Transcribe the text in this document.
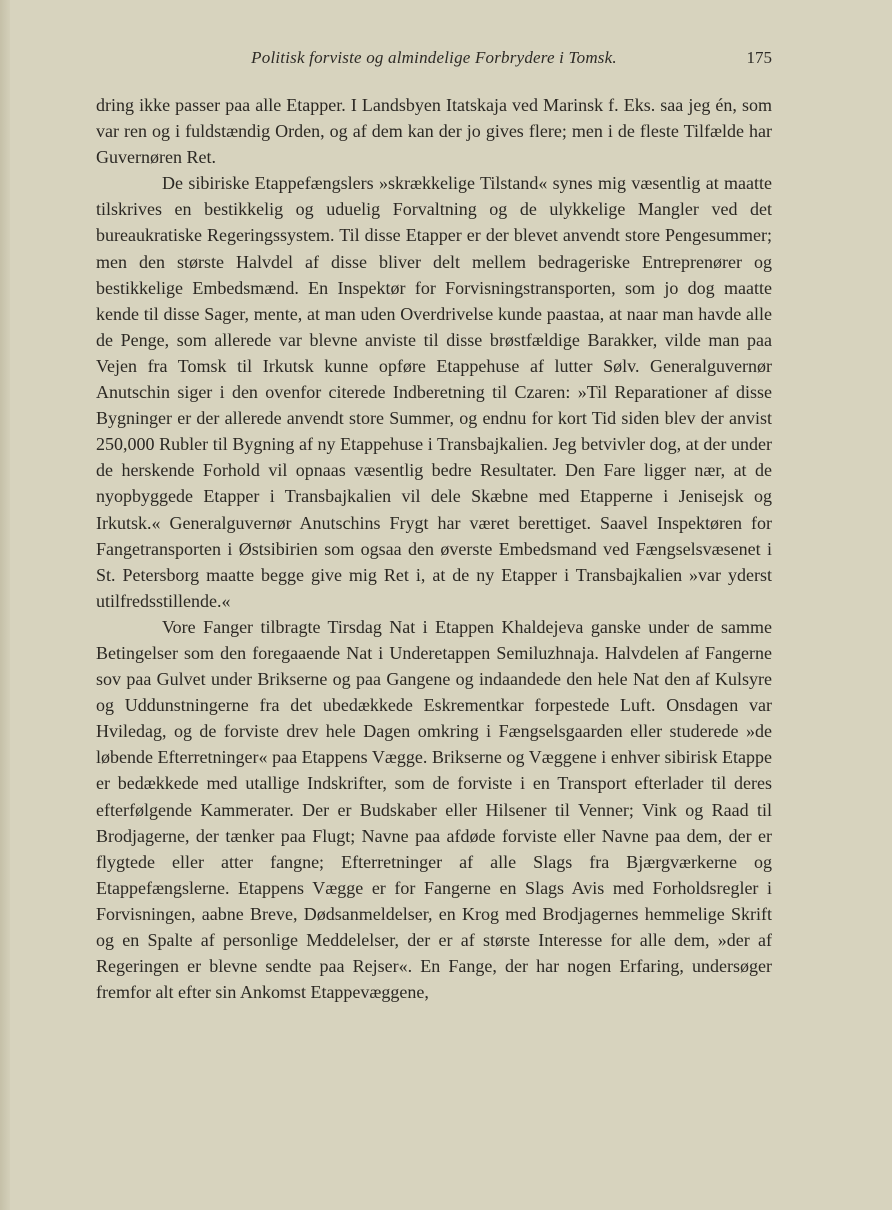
Politisk forviste og almindelige Forbrydere i Tomsk.	175

dring ikke passer paa alle Etapper. I Landsbyen Itatskaja ved Marinsk f. Eks. saa jeg én, som var ren og i fuldstændig Orden, og af dem kan der jo gives flere; men i de fleste Tilfælde har Guvernøren Ret.

De sibiriske Etappefængslers »skrækkelige Tilstand« synes mig væsentlig at maatte tilskrives en bestikkelig og uduelig Forvaltning og de ulykkelige Mangler ved det bureaukratiske Regeringssystem. Til disse Etapper er der blevet anvendt store Pengesummer; men den største Halvdel af disse bliver delt mellem bedrageriske Entreprenører og bestikkelige Embedsmænd. En Inspektør for Forvisningstransporten, som jo dog maatte kende til disse Sager, mente, at man uden Overdrivelse kunde paastaa, at naar man havde alle de Penge, som allerede var blevne anviste til disse brøstfældige Barakker, vilde man paa Vejen fra Tomsk til Irkutsk kunne opføre Etappehuse af lutter Sølv. Generalguvernør Anutschin siger i den ovenfor citerede Indberetning til Czaren: »Til Reparationer af disse Bygninger er der allerede anvendt store Summer, og endnu for kort Tid siden blev der anvist 250,000 Rubler til Bygning af ny Etappehuse i Transbajkalien. Jeg betvivler dog, at der under de herskende Forhold vil opnaas væsentlig bedre Resultater. Den Fare ligger nær, at de nyopbyggede Etapper i Transbajkalien vil dele Skæbne med Etapperne i Jenisejsk og Irkutsk.« Generalguvernør Anutschins Frygt har været berettiget. Saavel Inspektøren for Fangetransporten i Østsibirien som ogsaa den øverste Embedsmand ved Fængselsvæsenet i St. Petersborg maatte begge give mig Ret i, at de ny Etapper i Transbajkalien »var yderst utilfredsstillende.«

Vore Fanger tilbragte Tirsdag Nat i Etappen Khaldejeva ganske under de samme Betingelser som den foregaaende Nat i Underetappen Semiluzhnaja. Halvdelen af Fangerne sov paa Gulvet under Brikserne og paa Gangene og indaandede den hele Nat den af Kulsyre og Uddunstningerne fra det ubedækkede Eskrementkar forpestede Luft. Onsdagen var Hviledag, og de forviste drev hele Dagen omkring i Fængselsgaarden eller studerede »de løbende Efterretninger« paa Etappens Vægge. Brikserne og Væggene i enhver sibirisk Etappe er bedækkede med utallige Indskrifter, som de forviste i en Transport efterlader til deres efterfølgende Kammerater. Der er Budskaber eller Hilsener til Venner; Vink og Raad til Brodjagerne, der tænker paa Flugt; Navne paa afdøde forviste eller Navne paa dem, der er flygtede eller atter fangne; Efterretninger af alle Slags fra Bjærgværkerne og Etappefængslerne. Etappens Vægge er for Fangerne en Slags Avis med Forholdsregler i Forvisningen, aabne Breve, Dødsanmeldelser, en Krog med Brodjagernes hemmelige Skrift og en Spalte af personlige Meddelelser, der er af største Interesse for alle dem, »der af Regeringen er blevne sendte paa Rejser«. En Fange, der har nogen Erfaring, undersøger fremfor alt efter sin Ankomst Etappevæggene,
